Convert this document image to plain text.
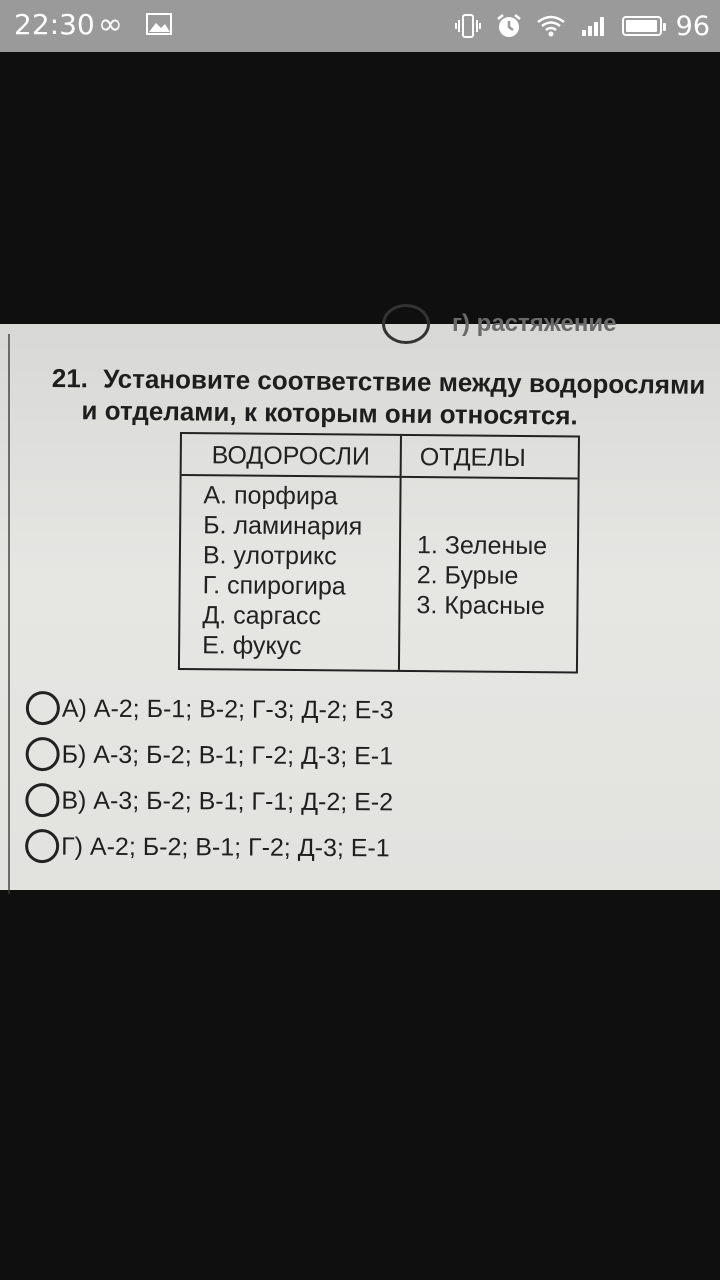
22:30 ∞	96
г) растяжение
21. Установите соответствие между водорослями
и отделами, к которым они относятся.
ВОДОРОСЛИ	ОТДЕЛЫ
А. порфира
Б. ламинария
В. улотрикс
Г. спирогира
Д. саргасс
Е. фукус
1. Зеленые
2. Бурые
3. Красные
А) А-2; Б-1; В-2; Г-3; Д-2; Е-3
Б) А-3; Б-2; В-1; Г-2; Д-3; Е-1
В) А-3; Б-2; В-1; Г-1; Д-2; Е-2
Г) А-2; Б-2; В-1; Г-2; Д-3; Е-1
